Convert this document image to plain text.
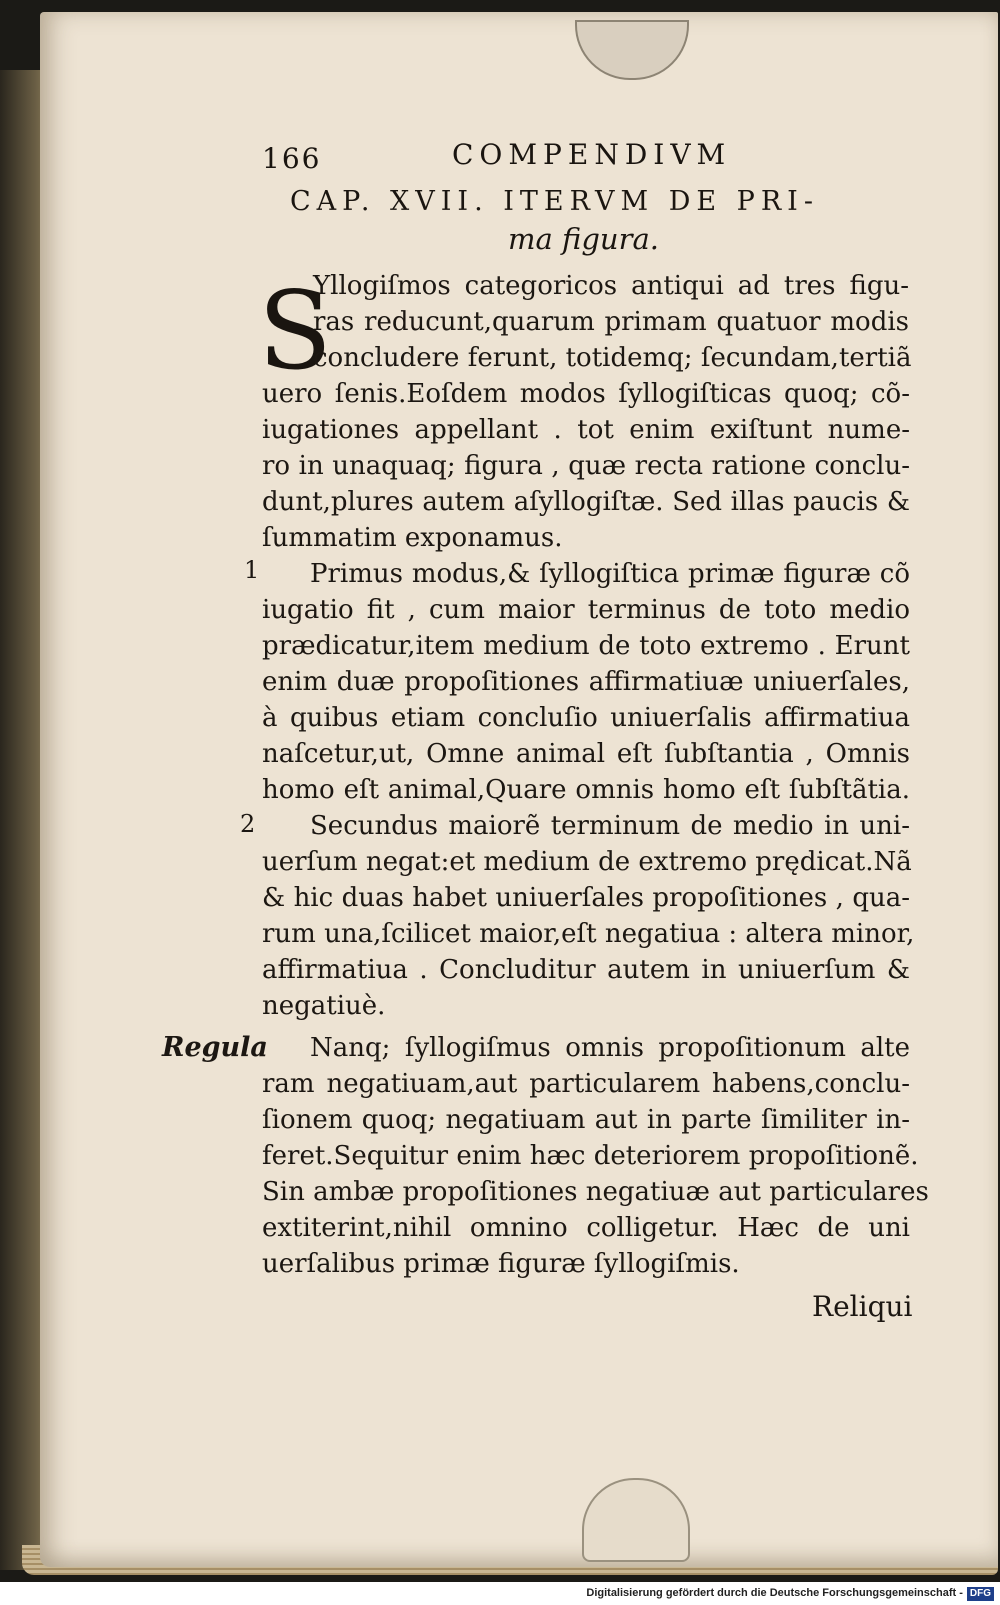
166	COMPENDIVM
CAP. XVII. ITERVM DE PRI-
ma figura.
S
Yllogiſmos categoricos antiqui ad tres figu-
ras reducunt,quarum primam quatuor modis
concludere ferunt, totidemq; ſecundam,tertiã
uero ſenis.Eoſdem modos ſyllogiſticas quoq; cõ-
iugationes appellant . tot enim exiſtunt nume-
ro in unaquaq; figura , quæ recta ratione conclu-
dunt,plures autem aſyllogiſtæ. Sed illas paucis &
ſummatim exponamus.
Primus modus,& ſyllogiſtica primæ figuræ cõ
iugatio fit , cum maior terminus de toto medio
prædicatur,item medium de toto extremo . Erunt
enim duæ propoſitiones affirmatiuæ uniuerſales,
à quibus etiam concluſio uniuerſalis affirmatiua
naſcetur,ut, Omne animal eſt ſubſtantia , Omnis
homo eſt animal,Quare omnis homo eſt ſubſtãtia.
Secundus maiorẽ terminum de medio in uni-
uerſum negat:et medium de extremo prędicat.Nã
& hic duas habet uniuerſales propoſitiones , qua-
rum una,ſcilicet maior,eſt negatiua : altera minor,
affirmatiua . Concluditur autem in uniuerſum &
negatiuè.
Nanq; ſyllogiſmus omnis propoſitionum alte
ram negatiuam,aut particularem habens,conclu-
ſionem quoq; negatiuam aut in parte ſimiliter in-
feret.Sequitur enim hæc deteriorem propoſitionẽ.
Sin ambæ propoſitiones negatiuæ aut particulares
extiterint,nihil omnino colligetur. Hæc de uni
uerſalibus primæ figuræ ſyllogiſmis.
1
2
Regula
Reliqui
Digitalisierung gefördert durch die Deutsche Forschungsgemeinschaft - DFG
